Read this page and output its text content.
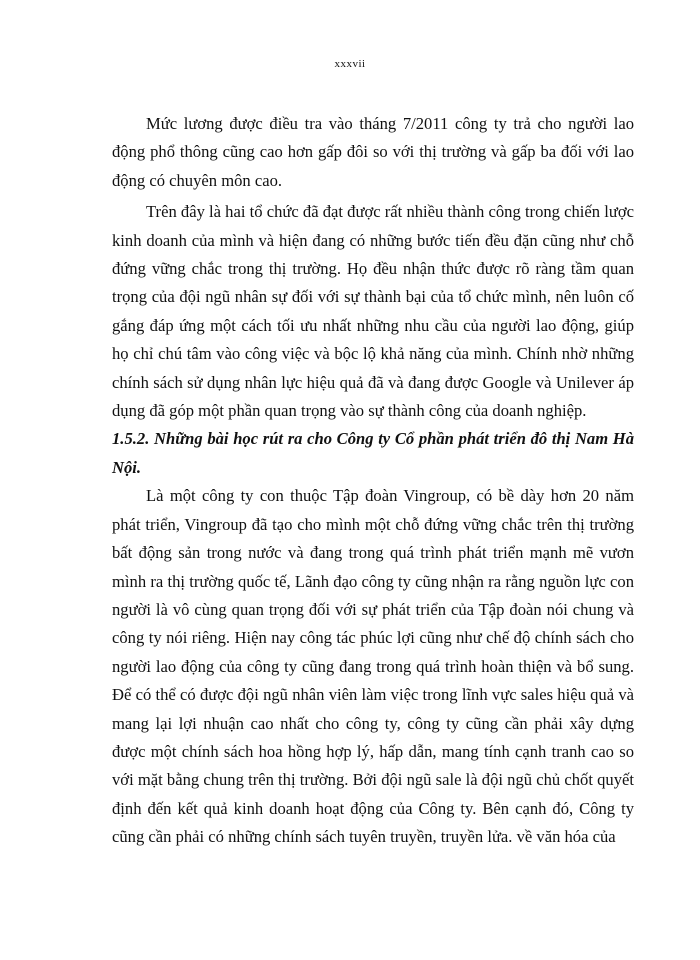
xxxvii

Mức lương được điều tra vào tháng 7/2011 công ty trả cho người lao động phổ thông cũng cao hơn gấp đôi so với thị trường và gấp ba đối với lao động có chuyên môn cao.

Trên đây là hai tổ chức đã đạt được rất nhiều thành công trong chiến lược kinh doanh của mình và hiện đang có những bước tiến đều đặn cũng như chỗ đứng vững chắc trong thị trường. Họ đều nhận thức được rõ ràng tầm quan trọng của đội ngũ nhân sự đối với sự thành bại của tổ chức mình, nên luôn cố gắng đáp ứng một cách tối ưu nhất những nhu cầu của người lao động, giúp họ chỉ chú tâm vào công việc và bộc lộ khả năng của mình. Chính nhờ những chính sách sử dụng nhân lực hiệu quả đã và đang được Google và Unilever áp dụng đã góp một phần quan trọng vào sự thành công của doanh nghiệp.

1.5.2. Những bài học rút ra cho Công ty Cổ phần phát triển đô thị Nam Hà Nội.

Là một công ty con thuộc Tập đoàn Vingroup, có bề dày hơn 20 năm phát triển, Vingroup đã tạo cho mình một chỗ đứng vững chắc trên thị trường bất động sản trong nước và đang trong quá trình phát triển mạnh mẽ vươn mình ra thị trường quốc tế, Lãnh đạo công ty cũng nhận ra rằng nguồn lực con người là vô cùng quan trọng đối với sự phát triển của Tập đoàn nói chung và công ty nói riêng. Hiện nay công tác phúc lợi cũng như chế độ chính sách cho người lao động của công ty cũng đang trong quá trình hoàn thiện và bổ sung. Để có thể có được đội ngũ nhân viên làm việc trong lĩnh vực sales hiệu quả và mang lại lợi nhuận cao nhất cho công ty, công ty cũng cần phải xây dựng được một chính sách hoa hồng hợp lý, hấp dẫn, mang tính cạnh tranh cao so với mặt bằng chung trên thị trường. Bởi đội ngũ sale là đội ngũ chủ chốt quyết định đến kết quả kinh doanh hoạt động của Công ty. Bên cạnh đó, Công ty cũng cần phải có những chính sách tuyên truyền, truyền lửa. về văn hóa của
